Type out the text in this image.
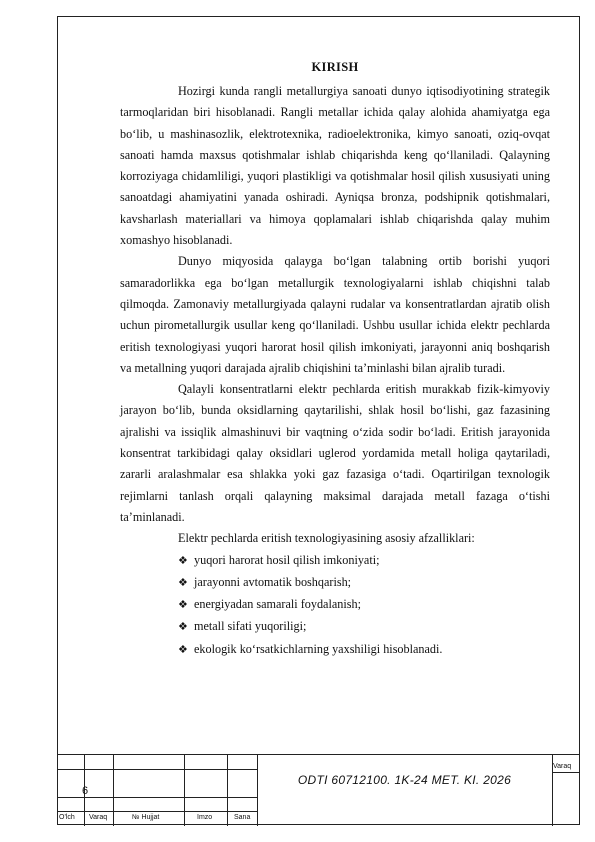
KIRISH

Hozirgi kunda rangli metallurgiya sanoati dunyo iqtisodiyotining strategik tarmoqlaridan biri hisoblanadi. Rangli metallar ichida qalay alohida ahamiyatga ega bo‘lib, u mashinasozlik, elektrotexnika, radioelektronika, kimyo sanoati, oziq-ovqat sanoati hamda maxsus qotishmalar ishlab chiqarishda keng qo‘llaniladi. Qalayning korroziyaga chidamliligi, yuqori plastikligi va qotishmalar hosil qilish xususiyati uning sanoatdagi ahamiyatini yanada oshiradi. Ayniqsa bronza, podshipnik qotishmalari, kavsharlash materiallari va himoya qoplamalari ishlab chiqarishda qalay muhim xomashyo hisoblanadi.

Dunyo miqyosida qalayga bo‘lgan talabning ortib borishi yuqori samaradorlikka ega bo‘lgan metallurgik texnologiyalarni ishlab chiqishni talab qilmoqda. Zamonaviy metallurgiyada qalayni rudalar va konsentratlardan ajratib olish uchun pirometallurgik usullar keng qo‘llaniladi. Ushbu usullar ichida elektr pechlarda eritish texnologiyasi yuqori harorat hosil qilish imkoniyati, jarayonni aniq boshqarish va metallning yuqori darajada ajralib chiqishini ta’minlashi bilan ajralib turadi.

Qalayli konsentratlarni elektr pechlarda eritish murakkab fizik-kimyoviy jarayon bo‘lib, bunda oksidlarning qaytarilishi, shlak hosil bo‘lishi, gaz fazasining ajralishi va issiqlik almashinuvi bir vaqtning o‘zida sodir bo‘ladi. Eritish jarayonida konsentrat tarkibidagi qalay oksidlari uglerod yordamida metall holiga qaytariladi, zararli aralashmalar esa shlakka yoki gaz fazasiga o‘tadi. Oqartirilgan texnologik rejimlarni tanlash orqali qalayning maksimal darajada metall fazaga o‘tishi ta’minlanadi.

Elektr pechlarda eritish texnologiyasining asosiy afzalliklari:

❖ yuqori harorat hosil qilish imkoniyati;
❖ jarayonni avtomatik boshqarish;
❖ energiyadan samarali foydalanish;
❖ metall sifati yuqoriligi;
❖ ekologik ko‘rsatkichlarning yaxshiligi hisoblanadi.
6
ODTI 60712100. 1K-24 MET. KI. 2026
Varaq
O'lch Varaq	№ Hujjat	Imzo	Sana
